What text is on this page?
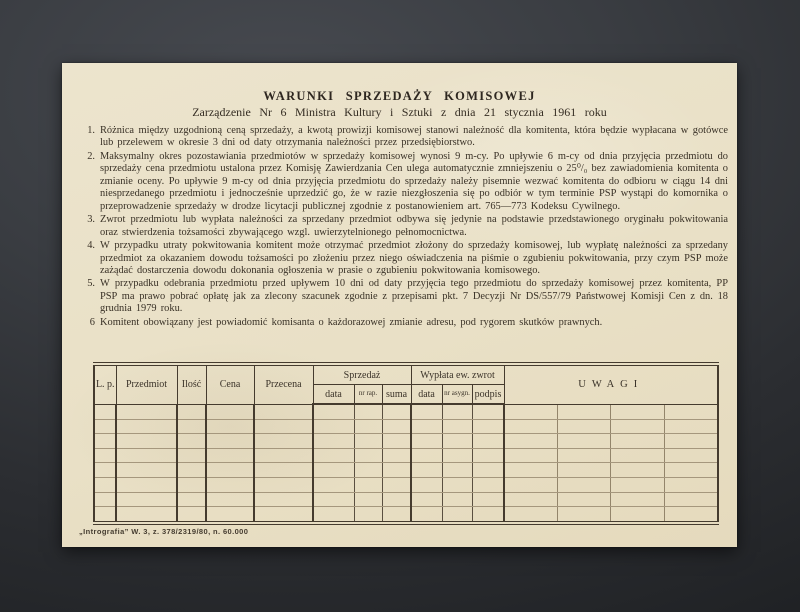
WARUNKI SPRZEDAŻY KOMISOWEJ
Zarządzenie Nr 6 Ministra Kultury i Sztuki z dnia 21 stycznia 1961 roku
1. Różnica między uzgodnioną ceną sprzedaży, a kwotą prowizji komisowej stanowi należność dla komitenta, która będzie wypłacana w gotówce lub przelewem w okresie 3 dni od daty otrzymania należności przez przedsiębiorstwo.
2. Maksymalny okres pozostawiania przedmiotów w sprzedaży komisowej wynosi 9 m-cy. Po upływie 6 m-cy od dnia przyjęcia przedmiotu do sprzedaży cena przedmiotu ustalona przez Komisję Zawierdzania Cen ulega automatycznie zmniejszeniu o 25⁰/₀ bez zawiadomienia komitenta o zmianie oceny. Po upływie 9 m-cy od dnia przyjęcia przedmiotu do sprzedaży należy pisemnie wezwać komitenta do odbioru w ciągu 14 dni niesprzedanego przedmiotu i jednocześnie uprzedzić go, że w razie niezgłoszenia się po odbiór w tym terminie PSP wystąpi do komornika o przeprowadzenie sprzedaży w drodze licytacji publicznej zgodnie z postanowieniem art. 765—773 Kodeksu Cywilnego.
3. Zwrot przedmiotu lub wypłata należności za sprzedany przedmiot odbywa się jedynie na podstawie przedstawionego oryginału pokwitowania oraz stwierdzenia tożsamości zbywającego wzgl. uwierzytelnionego pełnomocnictwa.
4. W przypadku utraty pokwitowania komitent może otrzymać przedmiot złożony do sprzedaży komisowej, lub wypłatę należności za sprzedany przedmiot za okazaniem dowodu tożsamości po złożeniu przez niego oświadczenia na piśmie o zgubieniu pokwitowania, przy czym PSP może zażądać dostarczenia dowodu dokonania ogłoszenia w prasie o zgubieniu pokwitowania komisowego.
5. W przypadku odebrania przedmiotu przed upływem 10 dni od daty przyjęcia tego przedmiotu do sprzedaży komisowej przez komitenta, PP PSP ma prawo pobrać opłatę jak za zlecony szacunek zgodnie z przepisami pkt. 7 Decyzji Nr DS/557/79 Państwowej Komisji Cen z dn. 18 grudnia 1979 roku.
6 Komitent obowiązany jest powiadomić komisanta o każdorazowej zmianie adresu, pod rygorem skutków prawnych.
L. p.	Przedmiot	Ilość	Cena	Przecena	Sprzedaż			Wypłata ew. zwrot			UWAGI			
					data	nr rap.	suma	data	nr asygn.	podpis				

„Intrografia” W. 3, z. 378/2319/80, n. 60.000
